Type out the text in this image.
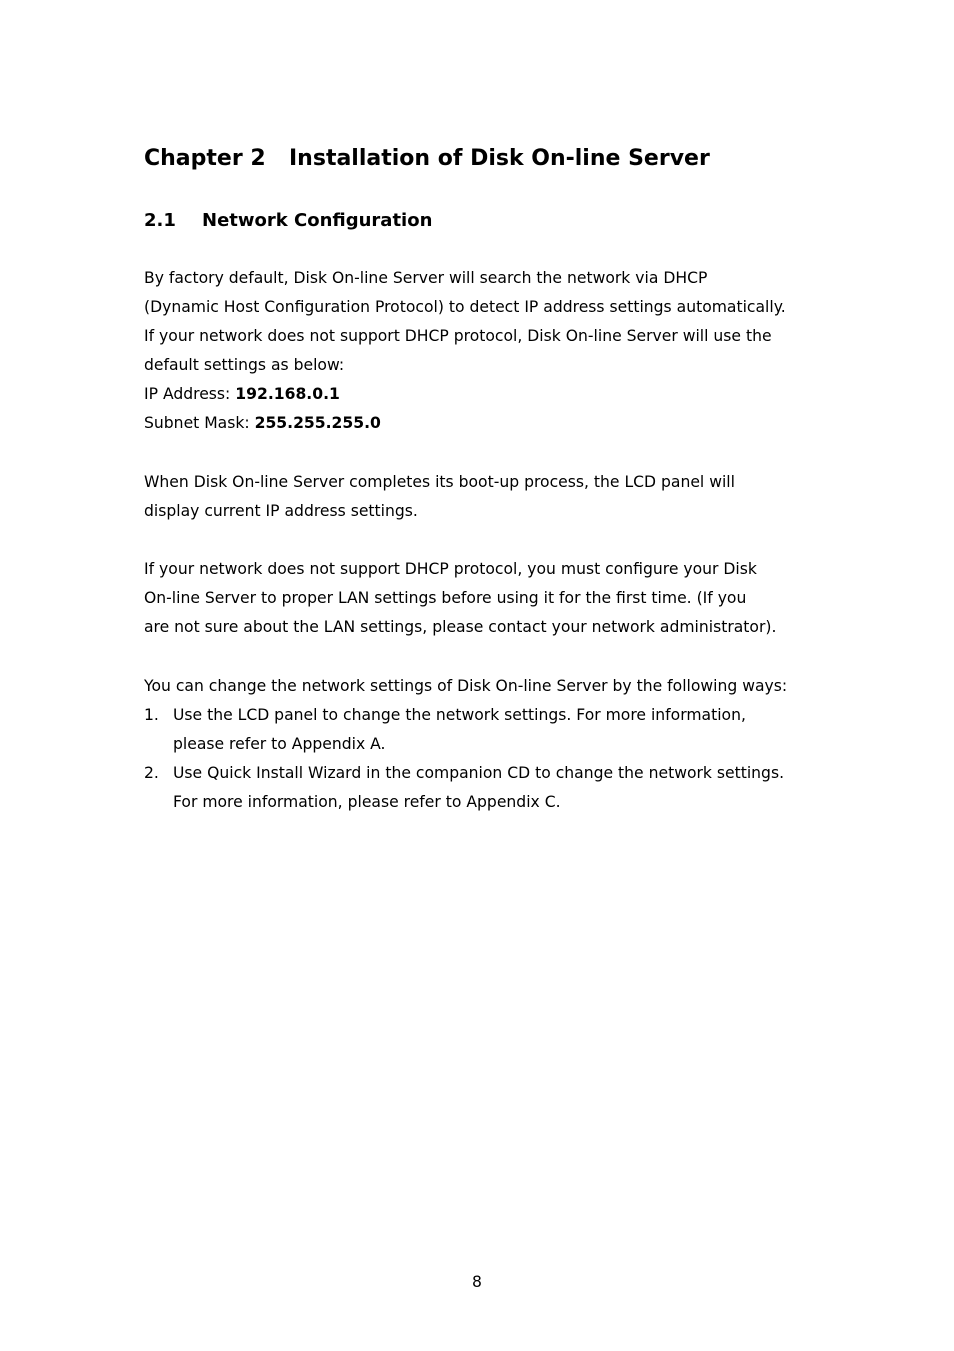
Chapter 2 Installation of Disk On-line Server
2.1 Network Configuration
By factory default, Disk On-line Server will search the network via DHCP
(Dynamic Host Configuration Protocol) to detect IP address settings automatically.
If your network does not support DHCP protocol, Disk On-line Server will use the
default settings as below:
IP Address: 192.168.0.1
Subnet Mask: 255.255.255.0
When Disk On-line Server completes its boot-up process, the LCD panel will
display current IP address settings.
If your network does not support DHCP protocol, you must configure your Disk
On-line Server to proper LAN settings before using it for the first time. (If you
are not sure about the LAN settings, please contact your network administrator).
You can change the network settings of Disk On-line Server by the following ways:
1. Use the LCD panel to change the network settings. For more information,
please refer to Appendix A.
2. Use Quick Install Wizard in the companion CD to change the network settings.
For more information, please refer to Appendix C.
8
